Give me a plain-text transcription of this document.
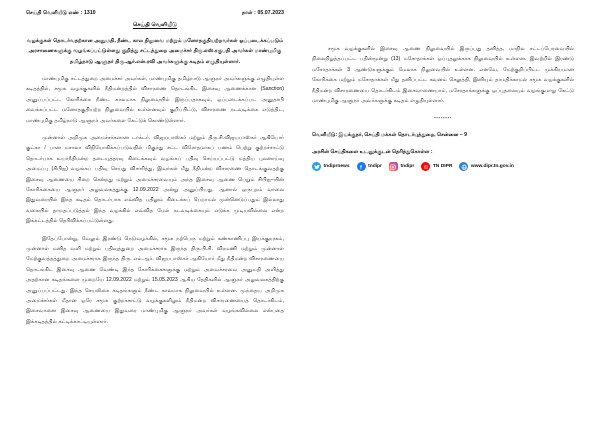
செய்தி வெளியீடு எண் : 1310	நாள் : 05.07.2023
செய்தி வெளியீடு

வழக்குகள் தொடர்வதற்கான அனுமதி, நீண்ட கால நிலுவை மற்றும் மனோதகுதியற்றவர்கள் ஒப்படைக்கப்படும் அரசாணைகளுக்கு வழங்கப்பட்டுள்ளது குறித்து சட்டத்துறை அமைச்சர் திரு.எஸ்.ரகுபதி அவர்கள் மாண்புமிகு தமிழ்நாடு ஆளுநர் திரு.ஆர்.என்.ரவி அவர்களுக்கு கடிதம் எழுதியுள்ளார்.

மாண்புமிகு சட்டத்துறை அமைச்சர் அவர்கள், மாண்புமிகு தமிழ்நாடு ஆளுநர் அவர்களுக்கு எழுதியுள்ள கடிதத்தில், சமூக வழக்குகளில் நீதிமன்றத்தில் விசாரணை தொடங்கிட இசைவு ஆணைக்கான (Sanction) அனுப்பப்பட்ட கோரிக்கை நீண்ட காலமாக நிலுவையில் இருப்பதாகவும், ஒப்படைக்கப்பட அனுதாபி வைக்கப்பட்ட மனோதகுதியற்ற நிலுவையில் உள்ளனவும் குறிப்பிட்டு, விசாரணை நடவடிக்கை எடுத்திட, மாண்புமிகு தமிழ்நாடு ஆளுநர் அவர்களை கேட்டுக் கொண்டுள்ளார்.

முன்னாள் அறிமுக அமைச்சர்களான டாக்டர். விஜயபாஸ்கர் மற்றும் திரு.சி.விஜயபாஸ்கர் ஆகியோர் குட்கா / பான மசாலா விநியோகிக்கப்படுவதில் மிகுந்து சட்ட விரோதமாகப் பணம் பெற்று குற்றச்சாட்டு தொடர்பாக உயர்நீதிமன்ற தடையுத்தரவு கிடைக்கவும் வழங்கப் பதிவு செய்யப்பட்டு மத்திய புலனாய்வு அமைப்பு (சிபிஐ) வழங்கப் பதிவு செய்து விசாரித்து, இவர்கள் மீது நீதிமன்ற விசாரணை தொடங்குவதற்கு இசைவு ஆணையை சிறை சென்றது மற்றும் அமைச்சரவையும் அந்த இசைவு ஆணை பெறும் சிபிஐ–யின் கோரிக்கையை ஆளுநர் அலுவலகத்துக்கு 12.09.2022 அன்று அனுப்பியது. ஆனால் ஒருபுறம் வாலை இதுவரையில் இந்த கடிதம் தொடர்பாக எவ்வித பதிலும் கிடைக்கப் பெறாமல் முன்னெடுப்பதும் இல்லாது வகையில் தாமதப்படுத்தல் இந்த வழக்கில் எவ்வித மேல் நடவடிக்கையும் எடுக்க முடியவில்லை என்ற இக்கட்டத்தில் தெரிவிக்கப்பட்டுள்ளது.

இதேப்போன்று, வேலும் இரண்டு நெடுவழக்கில், சமூக நற்பெரு மற்றும் கண்காணிப்பு இயக்குநரகம், முன்னாள் மனித வளி மற்றும் பதிவுத்துறை அமைச்சராக இருந்த திரு.பி.சி. விரமணி மற்றும் முன்னாள் மேற்குவத்தத்துறை அமைச்சராக இருந்த திரு. எம்.ஆர். விஜயபாஸ்கர் ஆகியோர் மீது நீதிமன்ற விசாரணையை தொடங்கிட இசைவு ஆணை வேண்டி இந்த கோரிக்கைகளுக்கு மற்றும் அவைச்சரவை அனுமதி அளித்து அதற்கான கடிதங்களை முறையே 12.09.2022 மற்றும் 15.05.2023 ஆகிய தேதிகளில் ஆளுநர் அலுவலகத்திற்கு அனுப்பப்பட்டது. இந்த செயலிகை கடிதங்களும் நீண்ட காலமாக நிலுவையில் உள்ளன. முந்தைய அறிமுக அமைச்சர்கள் மீதான ஒரே சமூக குற்றச்சாட்டு வழக்குகளிலும் நீதிமன்ற விசாரணையைத் தொடர்கிடம், இசைவானை இசைவு ஆணையை இதுவரை மாண்புமிகு ஆளுநர் அவர்கள் வழங்கவில்லை என்பதை இக்கடிதத்தில் சுட்டிக்காட்டியுள்ளார்.

சமூக வழக்குகளில் இசைவு ஆணை நிலுவையில் இருப்பது தனித்த, மாநில சட்டப்பேரவையில் நிலைநிறுத்தப்பட்ட பதின்மூன்று (13) மசோதாக்கள் ஒப்புதலுக்காக நிலுவையில் உள்ளன. இவற்றில் இரண்டு மசோதாக்கள் 3 ஆண்டுகளுக்கும் மேலாக நிலுவையில் உள்ளன. எனவே, மேற்குறிப்பிட்ட முக்கியமான கோரிக்கை மற்றும் மசோதாக்கள் மீது தனிப்பட்ட கவனம் செலுத்தி, இனியும் தாமதிக்காமல் சமூக வழக்குகளில் நீதிமன்ற விசாரணையை தொடர்கிடம் இசைவாணையாம், மசோதாக்களுக்கு ஒப்புதலையும் வழங்குமாறு கேட்டு மாண்புமிகு ஆளுநர் அவர்களுக்கு கடிதம் எழுதியுள்ளார்.

--------
வெளியீடு: இயக்குநர், செய்தி மக்கள் தொடர்புத்துறை, சென்னை – 9
அரசின் செய்திகளை உடனுக்குடன் தெரிந்துகொள்ள :
tndiprnews	tndipr	tndipr	TN DIPR	www.dipr.tn.gov.in
